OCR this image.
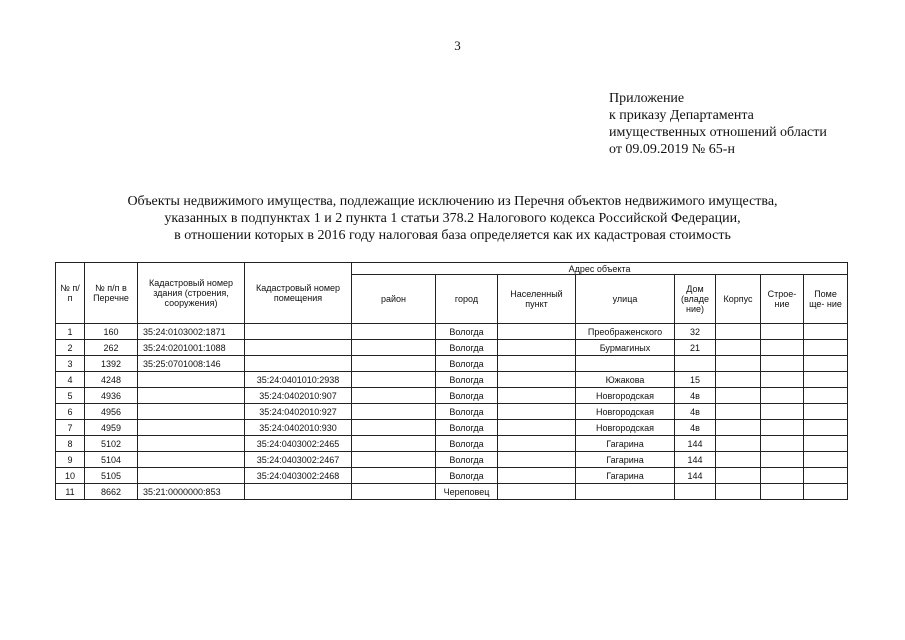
3
Приложение
к приказу Департамента
имущественных отношений области
от 09.09.2019 № 65-н
Объекты недвижимого имущества, подлежащие исключению из Перечня объектов недвижимого имущества,
указанных в подпунктах 1 и 2 пункта 1 статьи 378.2 Налогового кодекса Российской Федерации,
в отношении которых в 2016 году налоговая база определяется как их кадастровая стоимость
№ п/п	№ п/п в Перечне	Кадастровый номер здания (строения, сооружения)	Кадастровый номер помещения	Адрес объекта							
				район	город	Населенный пункт	улица	Дом (владе ние)	Корпус	Строе- ние	Поме ще- ние
1	160	35:24:0103002:1871			Вологда		Преображенского	32			
2	262	35:24:0201001:1088			Вологда		Бурмагиных	21			
3	1392	35:25:0701008:146			Вологда						
4	4248		35:24:0401010:2938		Вологда		Южакова	15			
5	4936		35:24:0402010:907		Вологда		Новгородская	4в			
6	4956		35:24:0402010:927		Вологда		Новгородская	4в			
7	4959		35:24:0402010:930		Вологда		Новгородская	4в			
8	5102		35:24:0403002:2465		Вологда		Гагарина	144			
9	5104		35:24:0403002:2467		Вологда		Гагарина	144			
10	5105		35:24:0403002:2468		Вологда		Гагарина	144			
11	8662	35:21:0000000:853			Череповец						
